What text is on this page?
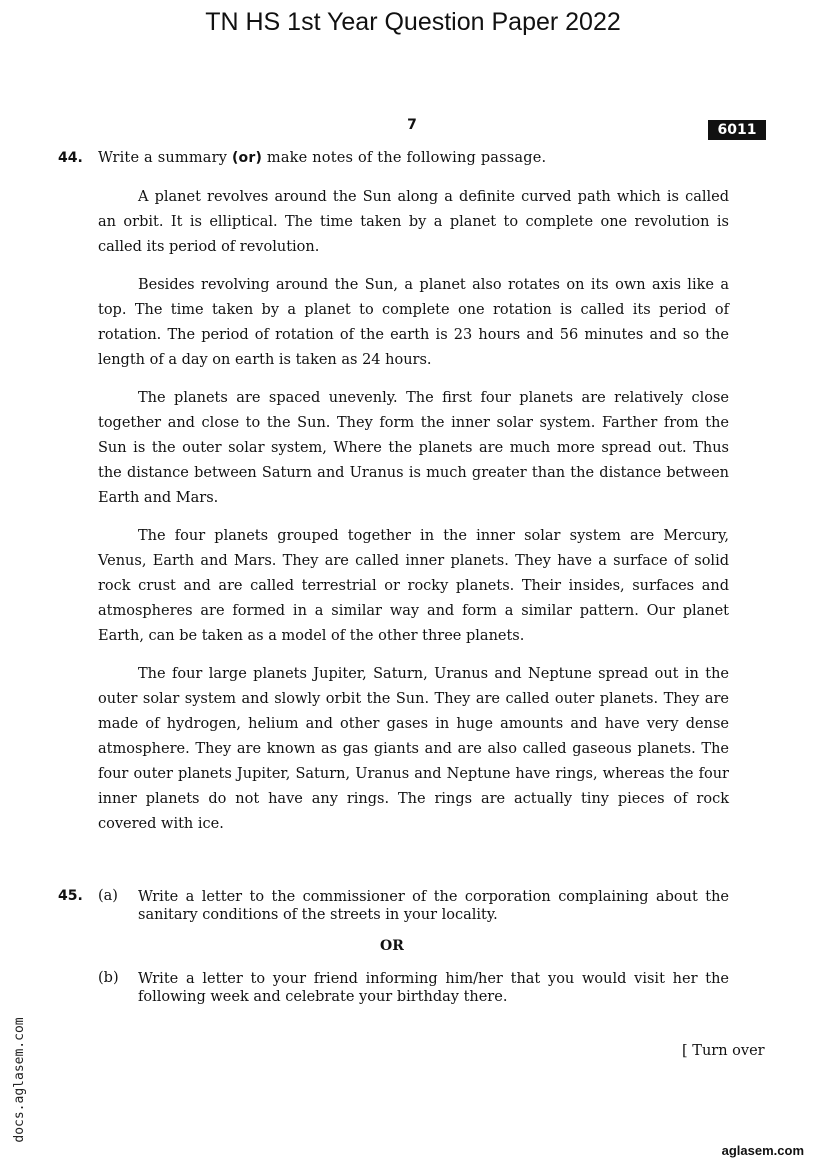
TN HS 1st Year Question Paper 2022
7	6011
44. Write a summary (or) make notes of the following passage.

A planet revolves around the Sun along a definite curved path which is called an orbit. It is elliptical. The time taken by a planet to complete one revolution is called its period of revolution.

Besides revolving around the Sun, a planet also rotates on its own axis like a top. The time taken by a planet to complete one rotation is called its period of rotation. The period of rotation of the earth is 23 hours and 56 minutes and so the length of a day on earth is taken as 24 hours.

The planets are spaced unevenly. The first four planets are relatively close together and close to the Sun. They form the inner solar system. Farther from the Sun is the outer solar system, Where the planets are much more spread out. Thus the distance between Saturn and Uranus is much greater than the distance between Earth and Mars.

The four planets grouped together in the inner solar system are Mercury, Venus, Earth and Mars. They are called inner planets. They have a surface of solid rock crust and are called terrestrial or rocky planets. Their insides, surfaces and atmospheres are formed in a similar way and form a similar pattern. Our planet Earth, can be taken as a model of the other three planets.

The four large planets Jupiter, Saturn, Uranus and Neptune spread out in the outer solar system and slowly orbit the Sun. They are called outer planets. They are made of hydrogen, helium and other gases in huge amounts and have very dense atmosphere. They are known as gas giants and are also called gaseous planets. The four outer planets Jupiter, Saturn, Uranus and Neptune have rings, whereas the four inner planets do not have any rings. The rings are actually tiny pieces of rock covered with ice.

45. (a) Write a letter to the commissioner of the corporation complaining about the sanitary conditions of the streets in your locality.
OR
(b) Write a letter to your friend informing him/her that you would visit her the following week and celebrate your birthday there.
[ Turn over
docs.aglasem.com
aglasem.com
